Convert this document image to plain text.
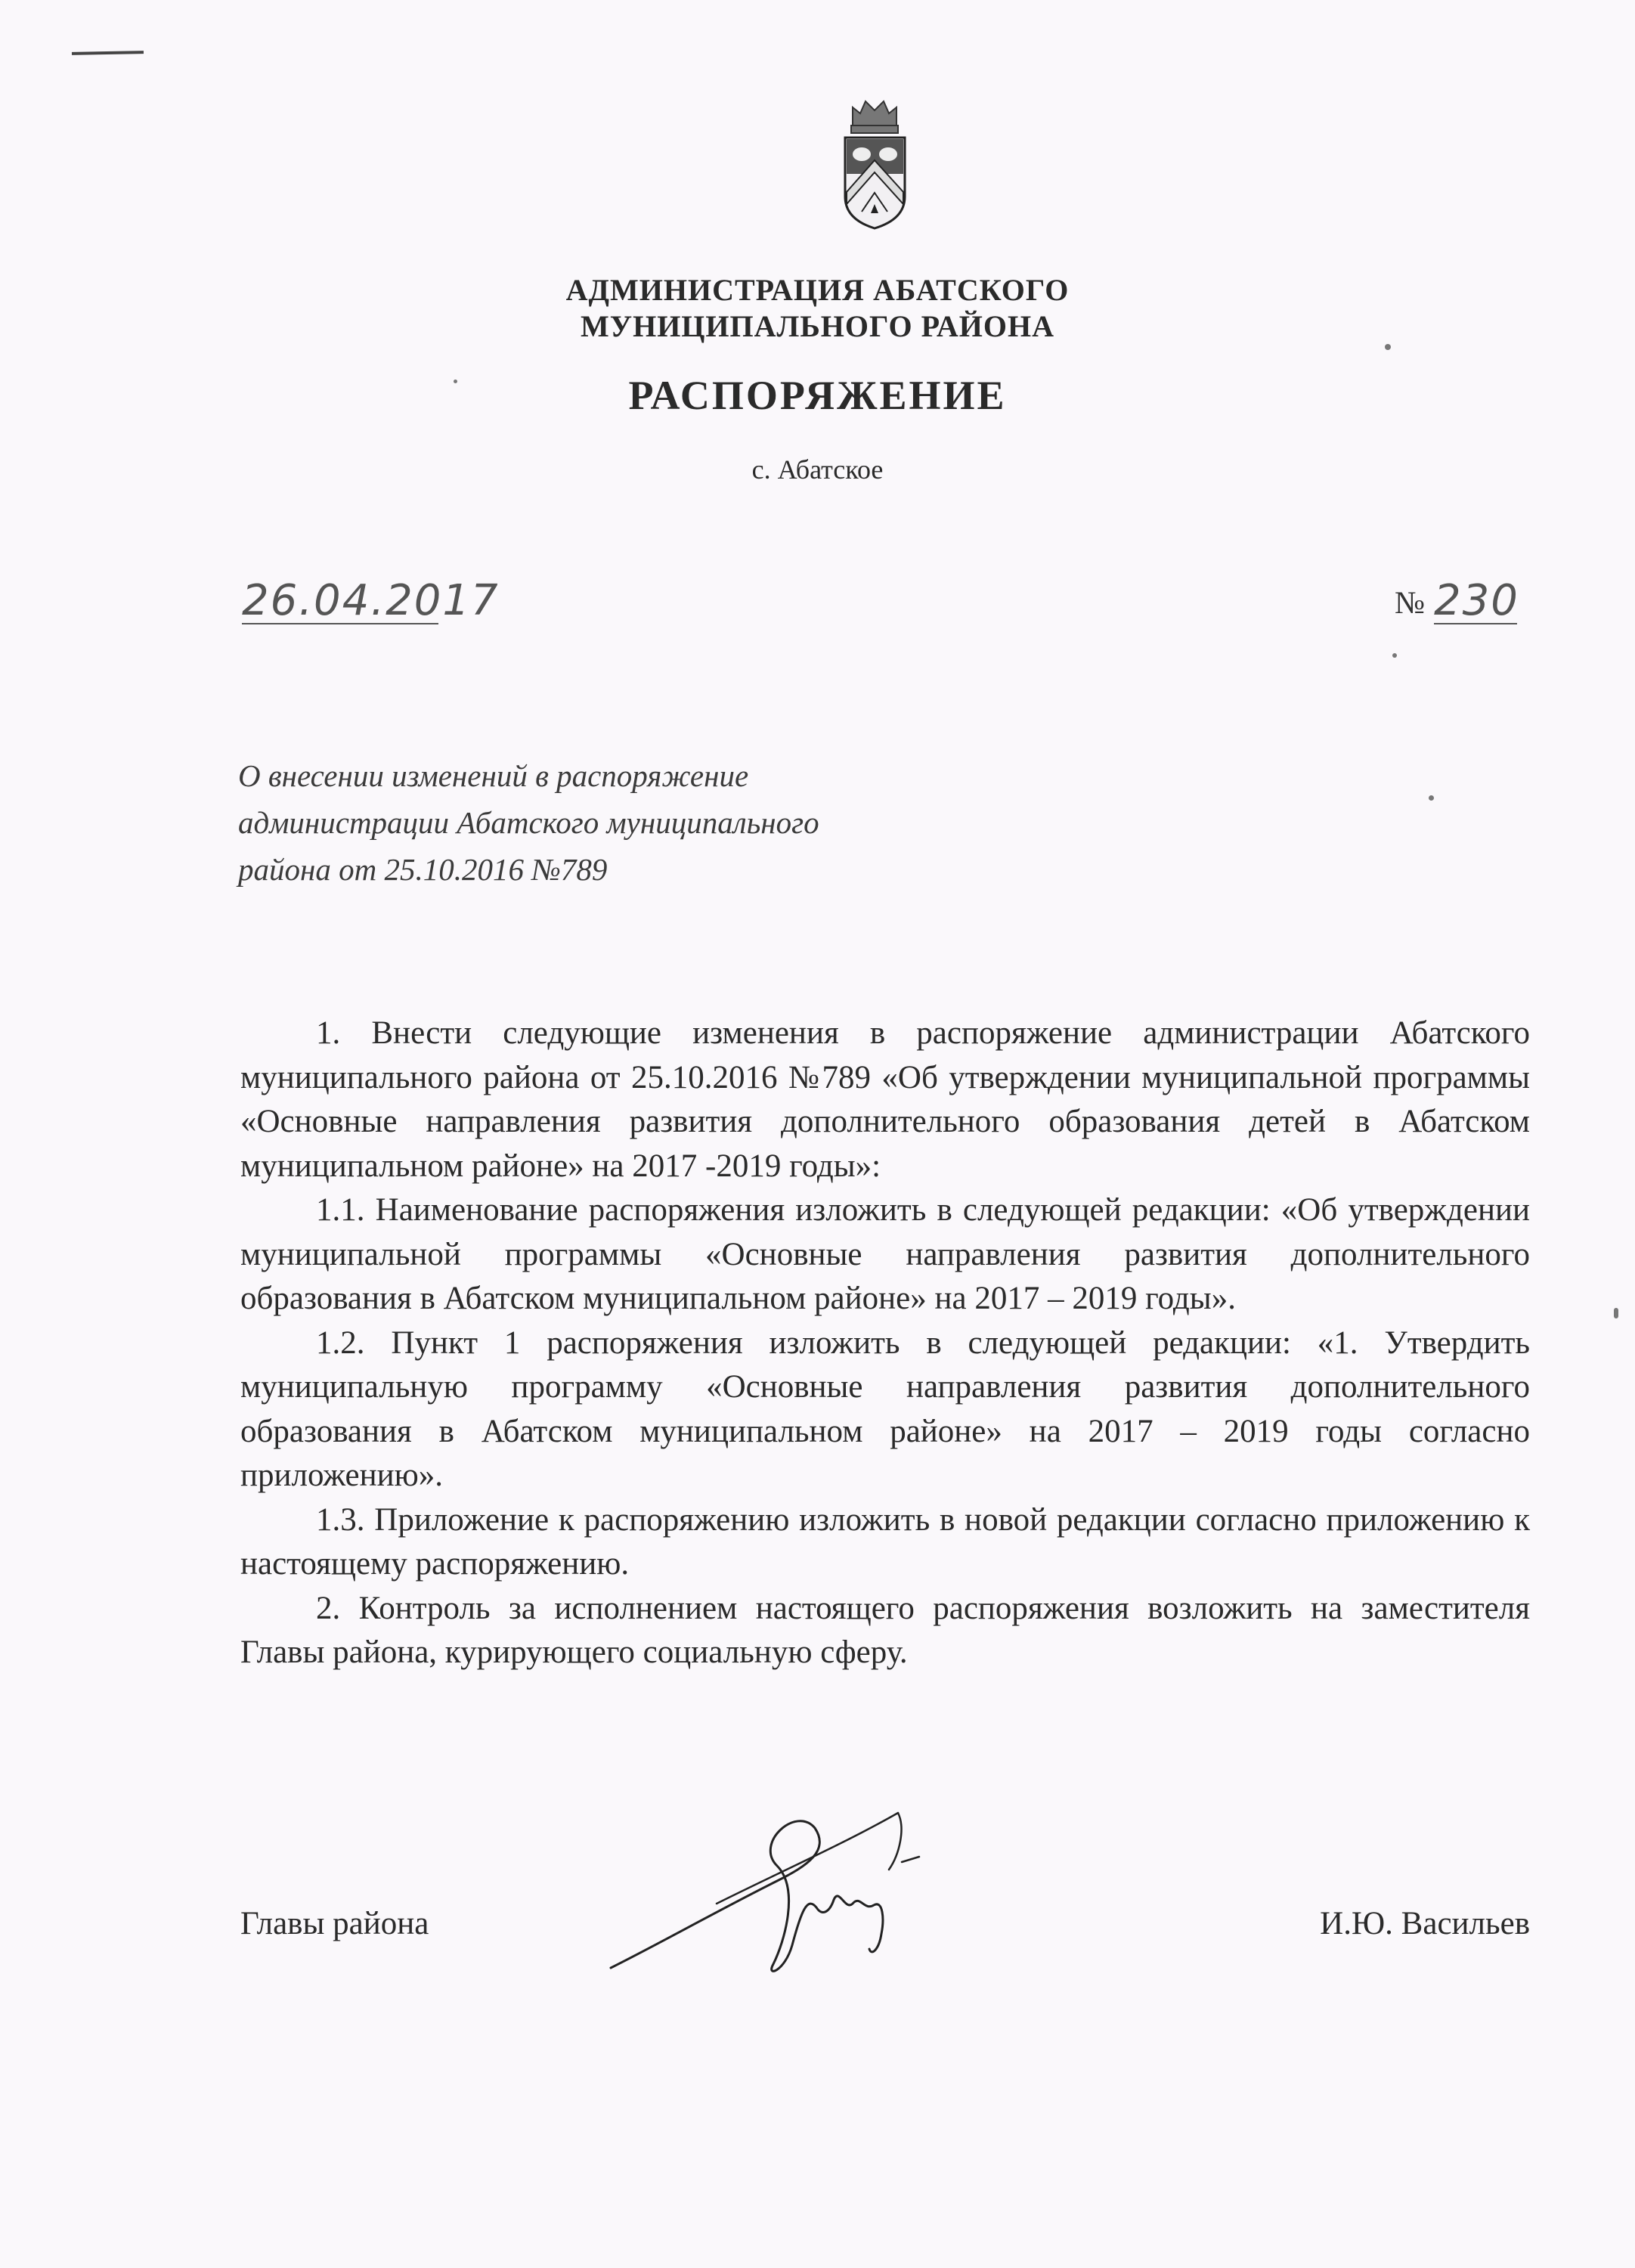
АДМИНИСТРАЦИЯ АБАТСКОГО
МУНИЦИПАЛЬНОГО РАЙОНА
РАСПОРЯЖЕНИЕ
с. Абатское
26.04.2017	№ 230
О внесении изменений в распоряжение
администрации Абатского муниципального
района от 25.10.2016 №789

1. Внести следующие изменения в распоряжение администрации Абатского муниципального района от 25.10.2016 №789 «Об утверждении муниципальной программы «Основные направления развития дополнительного образования детей в Абатском муниципальном районе» на 2017 -2019 годы»:

1.1. Наименование распоряжения изложить в следующей редакции: «Об утверждении муниципальной программы «Основные направления развития дополнительного образования в Абатском муниципальном районе» на 2017 – 2019 годы».

1.2. Пункт 1 распоряжения изложить в следующей редакции: «1. Утвердить муниципальную программу «Основные направления развития дополнительного образования в Абатском муниципальном районе» на 2017 – 2019 годы согласно приложению».

1.3. Приложение к распоряжению изложить в новой редакции согласно приложению к настоящему распоряжению.

2. Контроль за исполнением настоящего распоряжения возложить на заместителя Главы района, курирующего социальную сферу.

Главы района	И.Ю. Васильев
